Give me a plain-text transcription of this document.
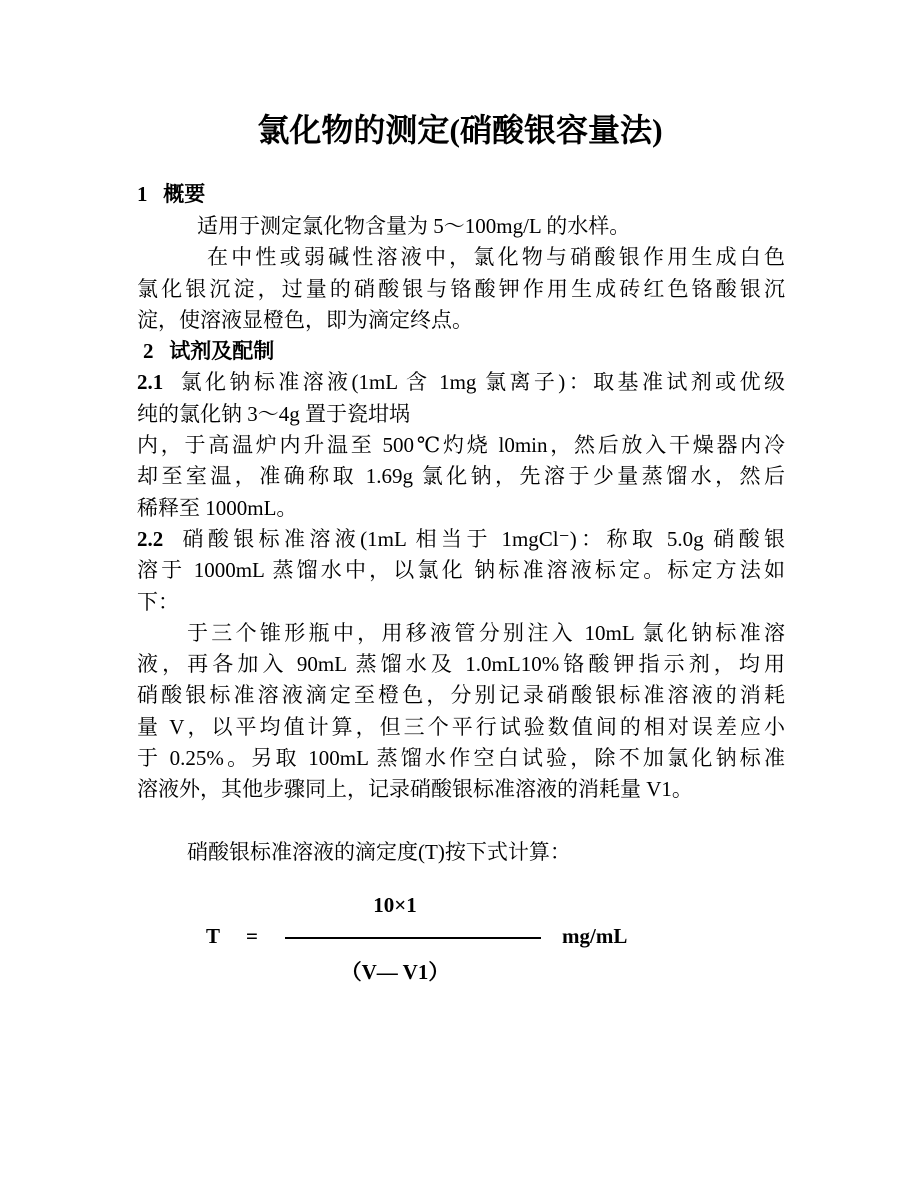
氯化物的测定(硝酸银容量法)
1   概要
适用于测定氯化物含量为 5～100mg/L 的水样。
在中性或弱碱性溶液中，氯化物与硝酸银作用生成白色
氯化银沉淀，过量的硝酸银与铬酸钾作用生成砖红色铬酸银沉
淀，使溶液显橙色，即为滴定终点。
2   试剂及配制
2.1 氯化钠标准溶液(1mL 含 1mg 氯离子)：取基准试剂或优级
纯的氯化钠 3～4g 置于瓷坩埚
内，于高温炉内升温至 500℃灼烧 l0min，然后放入干燥器内冷
却至室温，准确称取 1.69g 氯化钠，先溶于少量蒸馏水，然后
稀释至 1000mL。
2.2 硝酸银标准溶液(1mL 相当于 1mgCl⁻)：称取 5.0g 硝酸银
溶于 1000mL 蒸馏水中，以氯化 钠标准溶液标定。标定方法如
下：
于三个锥形瓶中，用移液管分别注入 10mL 氯化钠标准溶
液，再各加入 90mL 蒸馏水及 1.0mL10%铬酸钾指示剂，均用
硝酸银标准溶液滴定至橙色，分别记录硝酸银标准溶液的消耗
量 V，以平均值计算，但三个平行试验数值间的相对误差应小
于 0.25%。另取 100mL 蒸馏水作空白试验，除不加氯化钠标准
溶液外，其他步骤同上，记录硝酸银标准溶液的消耗量 V1。
硝酸银标准溶液的滴定度(T)按下式计算：
T =
10×1
（V— V1）
mg/mL
